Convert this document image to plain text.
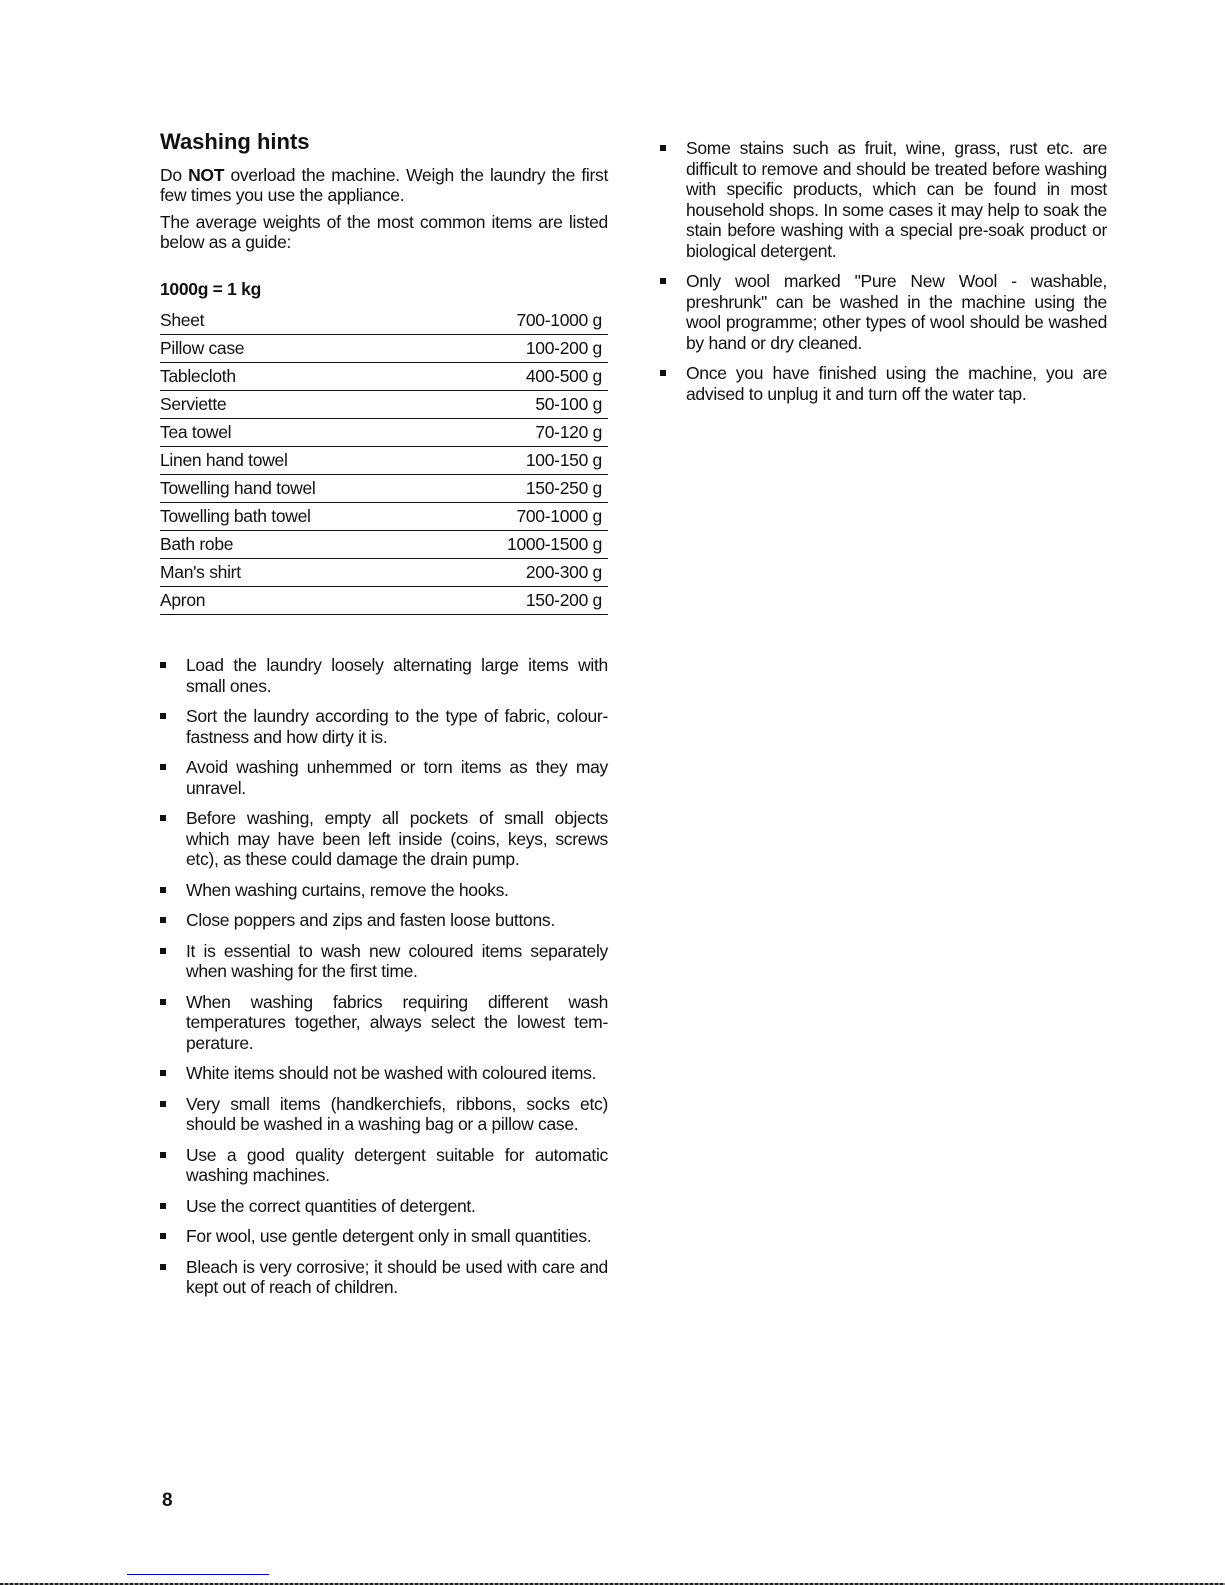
Washing hints

Do NOT overload the machine. Weigh the laundry the first few times you use the appliance.

The average weights of the most common items are listed below as a guide:

1000g = 1 kg
Sheet	700-1000 g
Pillow case	100-200 g
Tablecloth	400-500 g
Serviette	50-100 g
Tea towel	70-120 g
Linen hand towel	100-150 g
Towelling hand towel	150-250 g
Towelling bath towel	700-1000 g
Bath robe	1000-1500 g
Man's shirt	200-300 g
Apron	150-200 g
Load the laundry loosely alternating large items with small ones.
Sort the laundry according to the type of fabric, colour-fastness and how dirty it is.
Avoid washing unhemmed or torn items as they may unravel.
Before washing, empty all pockets of small objects which may have been left inside (coins, keys, screws etc), as these could damage the drain pump.
When washing curtains, remove the hooks.
Close poppers and zips and fasten loose buttons.
It is essential to wash new coloured items separately when washing for the first time.
When washing fabrics requiring different wash temperatures together, always select the lowest tem-perature.
White items should not be washed with coloured items.
Very small items (handkerchiefs, ribbons, socks etc) should be washed in a washing bag or a pillow case.
Use a good quality detergent suitable for automatic washing machines.
Use the correct quantities of detergent.
For wool, use gentle detergent only in small quantities.
Bleach is very corrosive; it should be used with care and kept out of reach of children.
Some stains such as fruit, wine, grass, rust etc. are difficult to remove and should be treated before washing with specific products, which can be found in most household shops. In some cases it may help to soak the stain before washing with a special pre-soak product or biological detergent.
Only wool marked "Pure New Wool - washable, preshrunk" can be washed in the machine using the wool programme; other types of wool should be washed by hand or dry cleaned.
Once you have finished using the machine, you are advised to unplug it and turn off the water tap.
8
